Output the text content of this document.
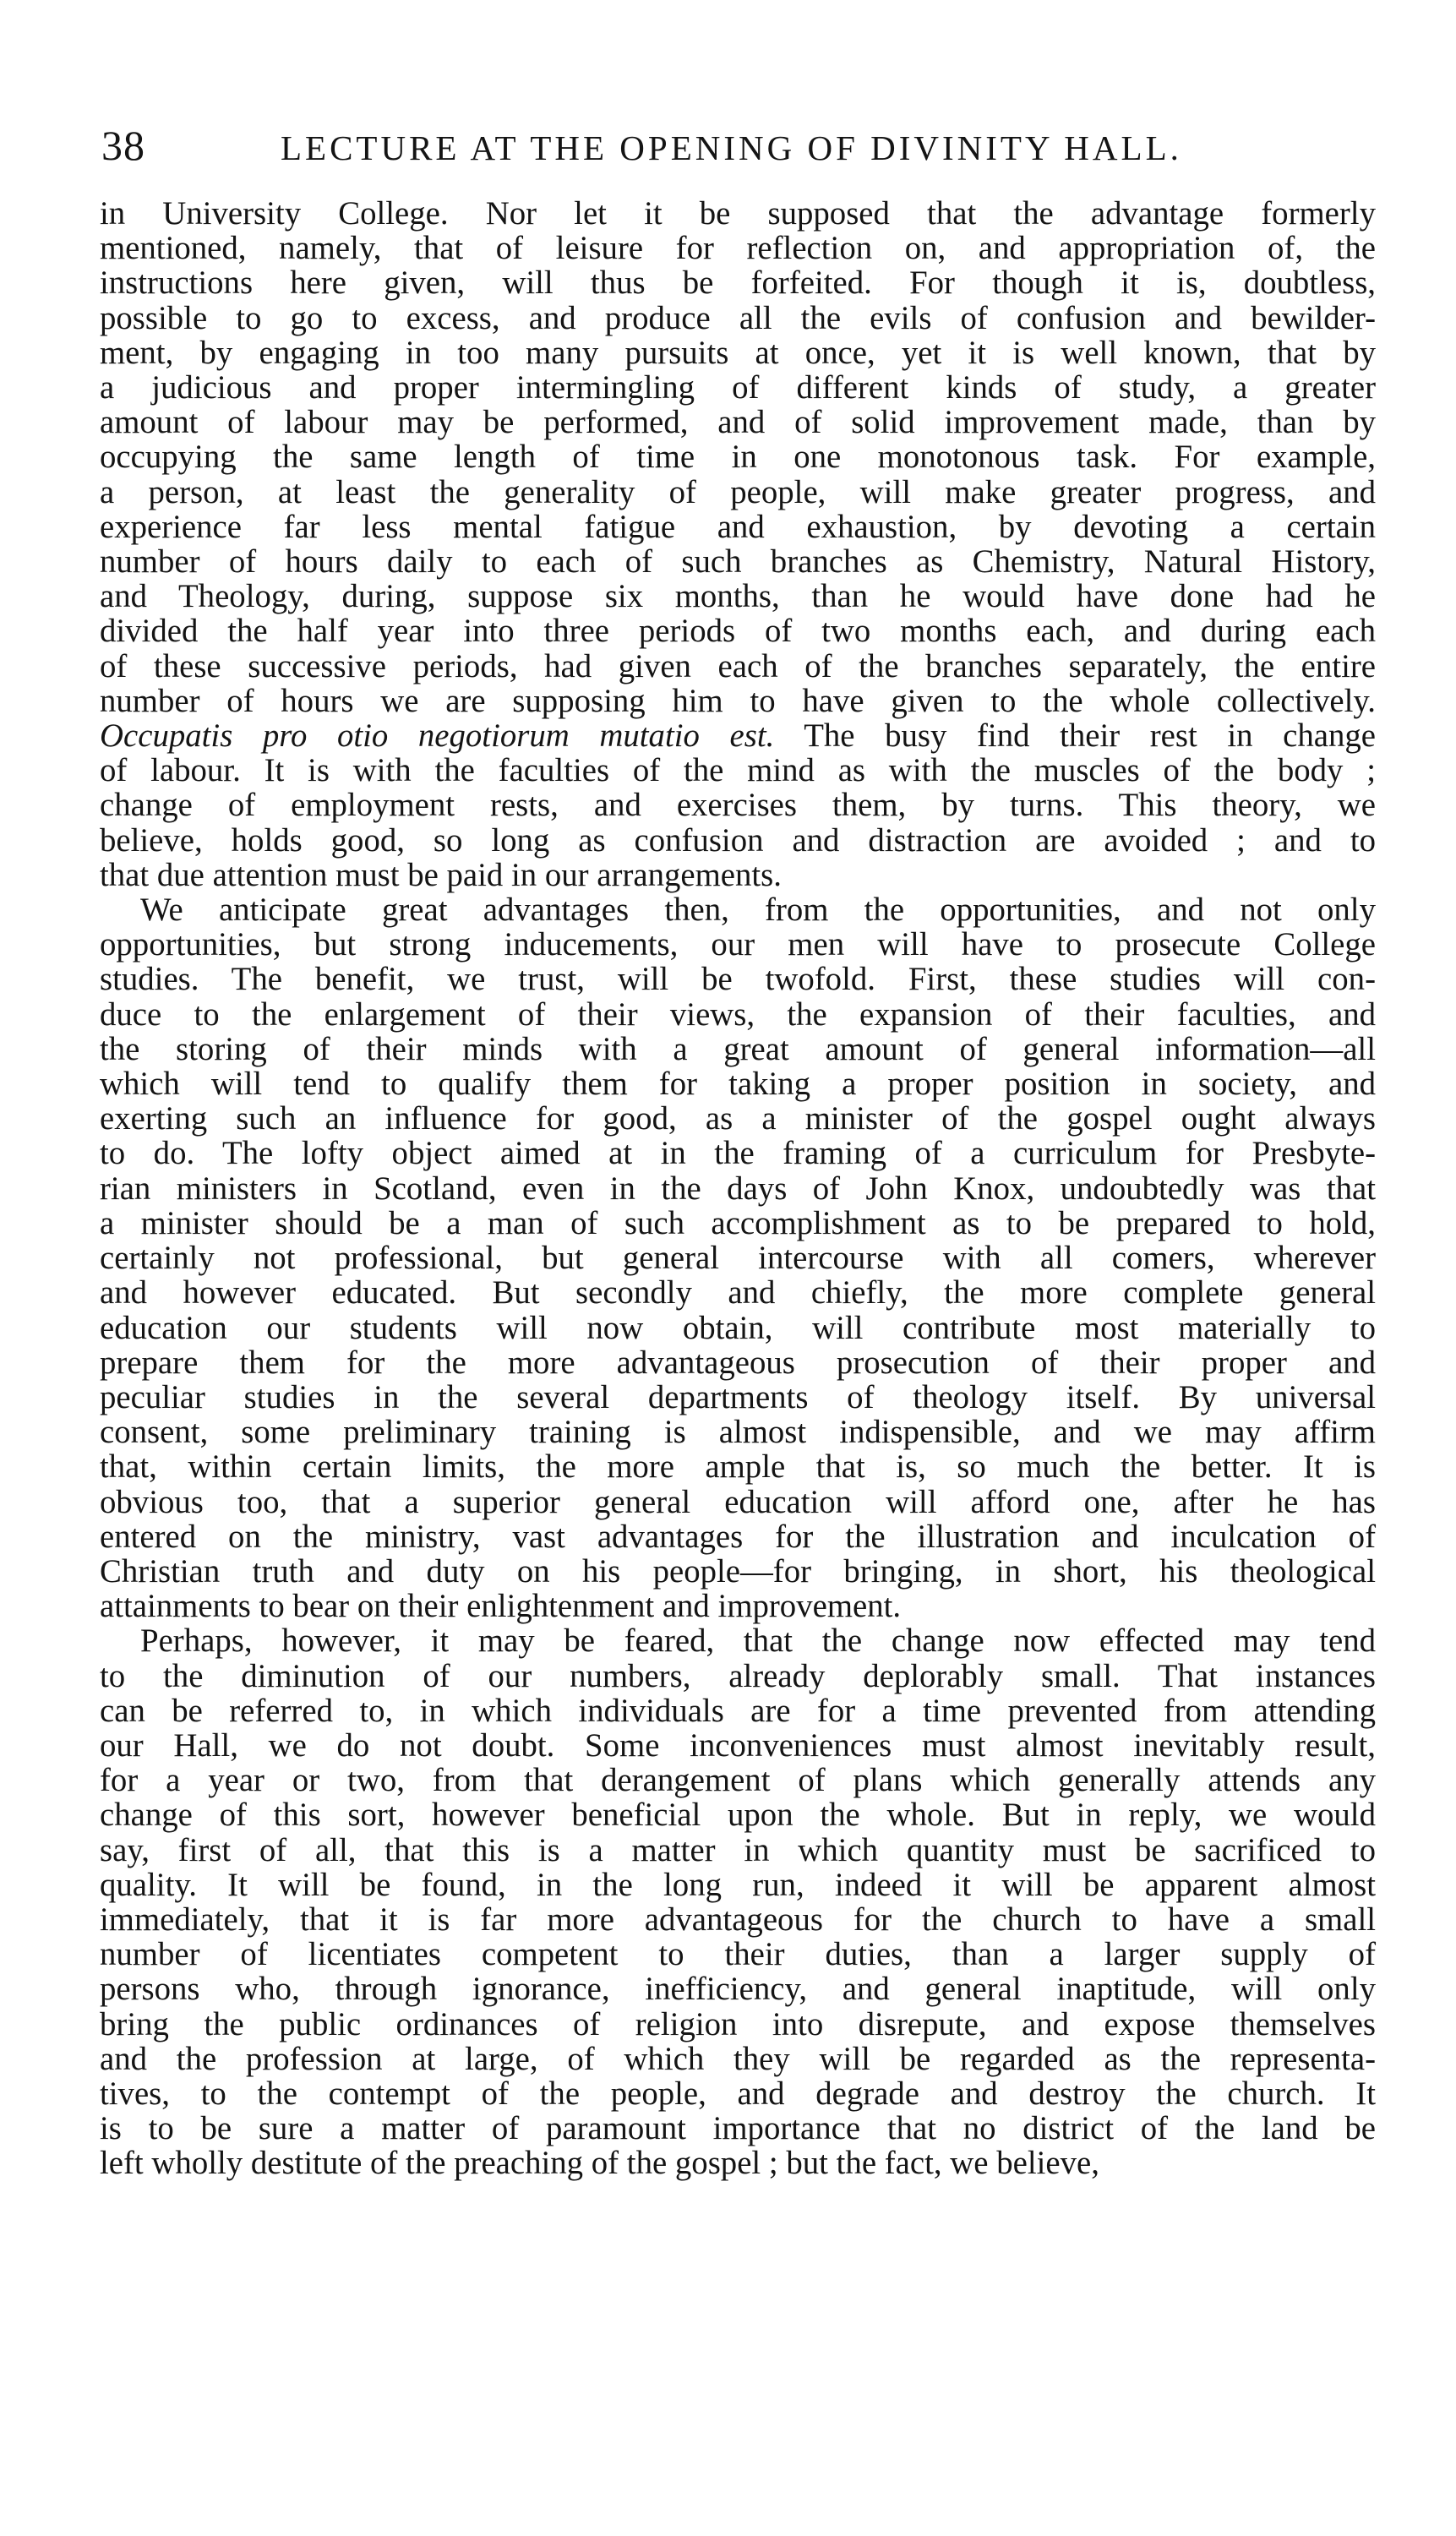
38	LECTURE AT THE OPENING OF DIVINITY HALL.

in University College. Nor let it be supposed that the advantage formerly
mentioned, namely, that of leisure for reflection on, and appropriation of, the
instructions here given, will thus be forfeited. For though it is, doubtless,
possible to go to excess, and produce all the evils of confusion and bewilder-
ment, by engaging in too many pursuits at once, yet it is well known, that by
a judicious and proper intermingling of different kinds of study, a greater
amount of labour may be performed, and of solid improvement made, than by
occupying the same length of time in one monotonous task. For example,
a person, at least the generality of people, will make greater progress, and
experience far less mental fatigue and exhaustion, by devoting a certain
number of hours daily to each of such branches as Chemistry, Natural History,
and Theology, during, suppose six months, than he would have done had he
divided the half year into three periods of two months each, and during each
of these successive periods, had given each of the branches separately, the entire
number of hours we are supposing him to have given to the whole collectively.
Occupatis pro otio negotiorum mutatio est. The busy find their rest in change
of labour. It is with the faculties of the mind as with the muscles of the body ;
change of employment rests, and exercises them, by turns. This theory, we
believe, holds good, so long as confusion and distraction are avoided ; and to
that due attention must be paid in our arrangements.

We anticipate great advantages then, from the opportunities, and not only
opportunities, but strong inducements, our men will have to prosecute College
studies. The benefit, we trust, will be twofold. First, these studies will con-
duce to the enlargement of their views, the expansion of their faculties, and
the storing of their minds with a great amount of general information—all
which will tend to qualify them for taking a proper position in society, and
exerting such an influence for good, as a minister of the gospel ought always
to do. The lofty object aimed at in the framing of a curriculum for Presbyte-
rian ministers in Scotland, even in the days of John Knox, undoubtedly was that
a minister should be a man of such accomplishment as to be prepared to hold,
certainly not professional, but general intercourse with all comers, wherever
and however educated. But secondly and chiefly, the more complete general
education our students will now obtain, will contribute most materially to
prepare them for the more advantageous prosecution of their proper and
peculiar studies in the several departments of theology itself. By universal
consent, some preliminary training is almost indispensible, and we may affirm
that, within certain limits, the more ample that is, so much the better. It is
obvious too, that a superior general education will afford one, after he has
entered on the ministry, vast advantages for the illustration and inculcation of
Christian truth and duty on his people—for bringing, in short, his theological
attainments to bear on their enlightenment and improvement.

Perhaps, however, it may be feared, that the change now effected may tend
to the diminution of our numbers, already deplorably small. That instances
can be referred to, in which individuals are for a time prevented from attending
our Hall, we do not doubt. Some inconveniences must almost inevitably result,
for a year or two, from that derangement of plans which generally attends any
change of this sort, however beneficial upon the whole. But in reply, we would
say, first of all, that this is a matter in which quantity must be sacrificed to
quality. It will be found, in the long run, indeed it will be apparent almost
immediately, that it is far more advantageous for the church to have a small
number of licentiates competent to their duties, than a larger supply of
persons who, through ignorance, inefficiency, and general inaptitude, will only
bring the public ordinances of religion into disrepute, and expose themselves
and the profession at large, of which they will be regarded as the representa-
tives, to the contempt of the people, and degrade and destroy the church. It
is to be sure a matter of paramount importance that no district of the land be
left wholly destitute of the preaching of the gospel ; but the fact, we believe,
